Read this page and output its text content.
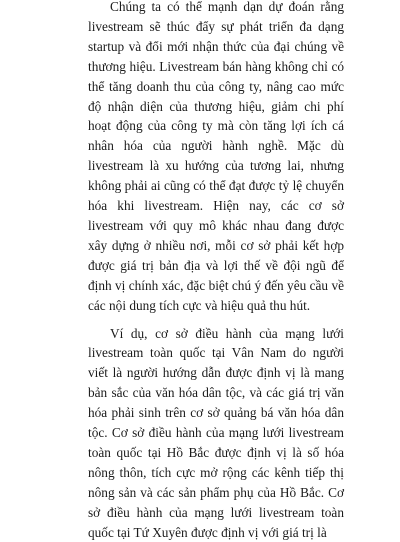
Chúng ta có thể mạnh dạn dự đoán rằng livestream sẽ thúc đẩy sự phát triển đa dạng startup và đổi mới nhận thức của đại chúng về thương hiệu. Livestream bán hàng không chỉ có thể tăng doanh thu của công ty, nâng cao mức độ nhận diện của thương hiệu, giảm chi phí hoạt động của công ty mà còn tăng lợi ích cá nhân hóa của người hành nghề. Mặc dù livestream là xu hướng của tương lai, nhưng không phải ai cũng có thể đạt được tỷ lệ chuyển hóa khi livestream. Hiện nay, các cơ sở livestream với quy mô khác nhau đang được xây dựng ở nhiều nơi, mỗi cơ sở phải kết hợp được giá trị bản địa và lợi thế về đội ngũ để định vị chính xác, đặc biệt chú ý đến yêu cầu về các nội dung tích cực và hiệu quả thu hút.

Ví dụ, cơ sở điều hành của mạng lưới livestream toàn quốc tại Vân Nam do người viết là người hướng dẫn được định vị là mang bản sắc của văn hóa dân tộc, và các giá trị văn hóa phải sinh trên cơ sở quảng bá văn hóa dân tộc. Cơ sở điều hành của mạng lưới livestream toàn quốc tại Hồ Bắc được định vị là số hóa nông thôn, tích cực mở rộng các kênh tiếp thị nông sản và các sản phẩm phụ của Hồ Bắc. Cơ sở điều hành của mạng lưới livestream toàn quốc tại Tứ Xuyên được định vị với giá trị là
